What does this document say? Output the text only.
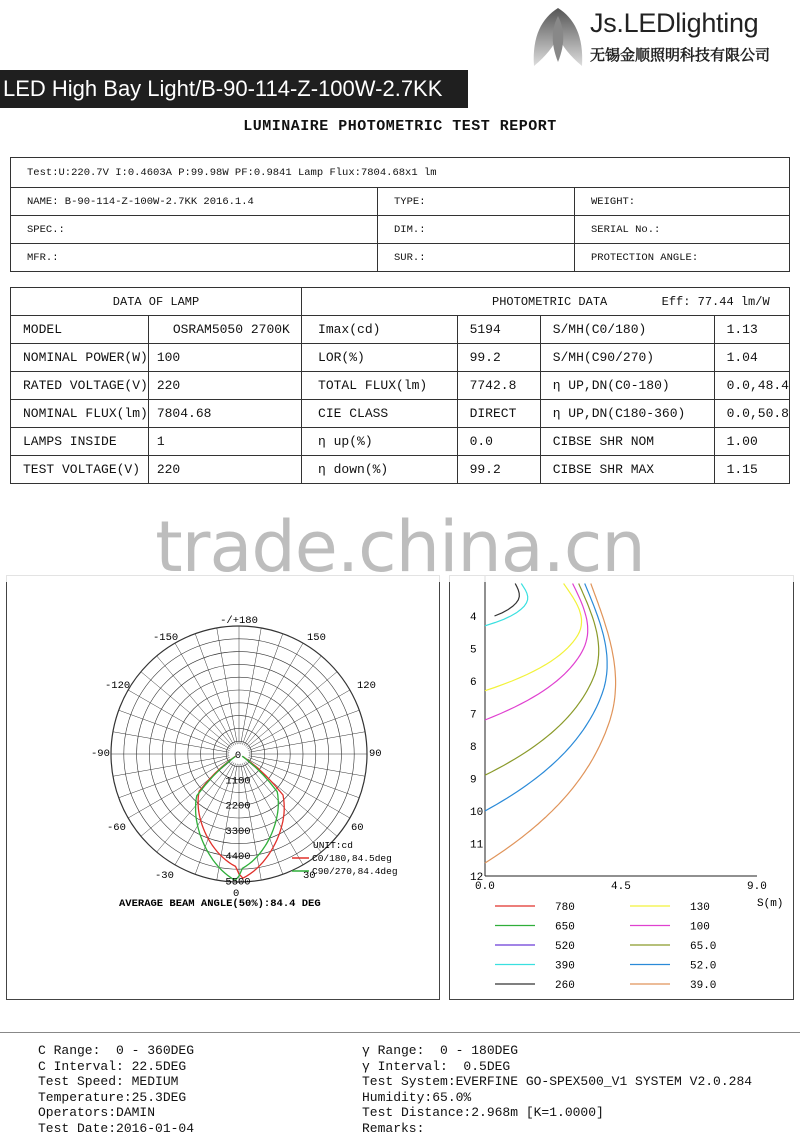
Js.LEDlighting
无锡金顺照明科技有限公司
LED High Bay Light/B-90-114-Z-100W-2.7KK
LUMINAIRE PHOTOMETRIC TEST REPORT
Test:U:220.7V I:0.4603A P:99.98W PF:0.9841 Lamp Flux:7804.68x1 lm		
NAME: B-90-114-Z-100W-2.7KK 2016.1.4	TYPE:	WEIGHT:
SPEC.:	DIM.:	SERIAL No.:
MFR.:	SUR.:	PROTECTION ANGLE:
DATA OF LAMP		PHOTOMETRIC DATA Eff: 77.44 lm/W			
MODEL	OSRAM5050 2700K	Imax(cd)	5194	S/MH(C0/180)	1.13
NOMINAL POWER(W)	100	LOR(%)	99.2	S/MH(C90/270)	1.04
RATED VOLTAGE(V)	220	TOTAL FLUX(lm)	7742.8	η UP,DN(C0-180)	0.0,48.4
NOMINAL FLUX(lm)	7804.68	CIE CLASS	DIRECT	η UP,DN(C180-360)	0.0,50.8
LAMPS INSIDE	1	η up(%)	0.0	CIBSE SHR NOM	1.00
TEST VOLTAGE(V)	220	η down(%)	99.2	CIBSE SHR MAX	1.15
-/+180
-150	150
-120	120
-90	90
-60	60
-30	30
0
0
1100
2200
3300
4400
5500
UNIT:cd
C0/180,84.5deg
C90/270,84.4deg
AVERAGE BEAM ANGLE(50%):84.4 DEG
4
5
6
7
8
9
10
11
12
0.0	4.5	9.0
S(m)
780	130
650	100
520	65.0
390	52.0
260	39.0
trade.china.cn
C Range:  0 - 360DEG
C Interval: 22.5DEG
Test Speed: MEDIUM
Temperature:25.3DEG
Operators:DAMIN
Test Date:2016-01-04
γ Range:  0 - 180DEG
γ Interval:  0.5DEG
Test System:EVERFINE GO-SPEX500_V1 SYSTEM V2.0.284
Humidity:65.0%
Test Distance:2.968m [K=1.0000]
Remarks:
